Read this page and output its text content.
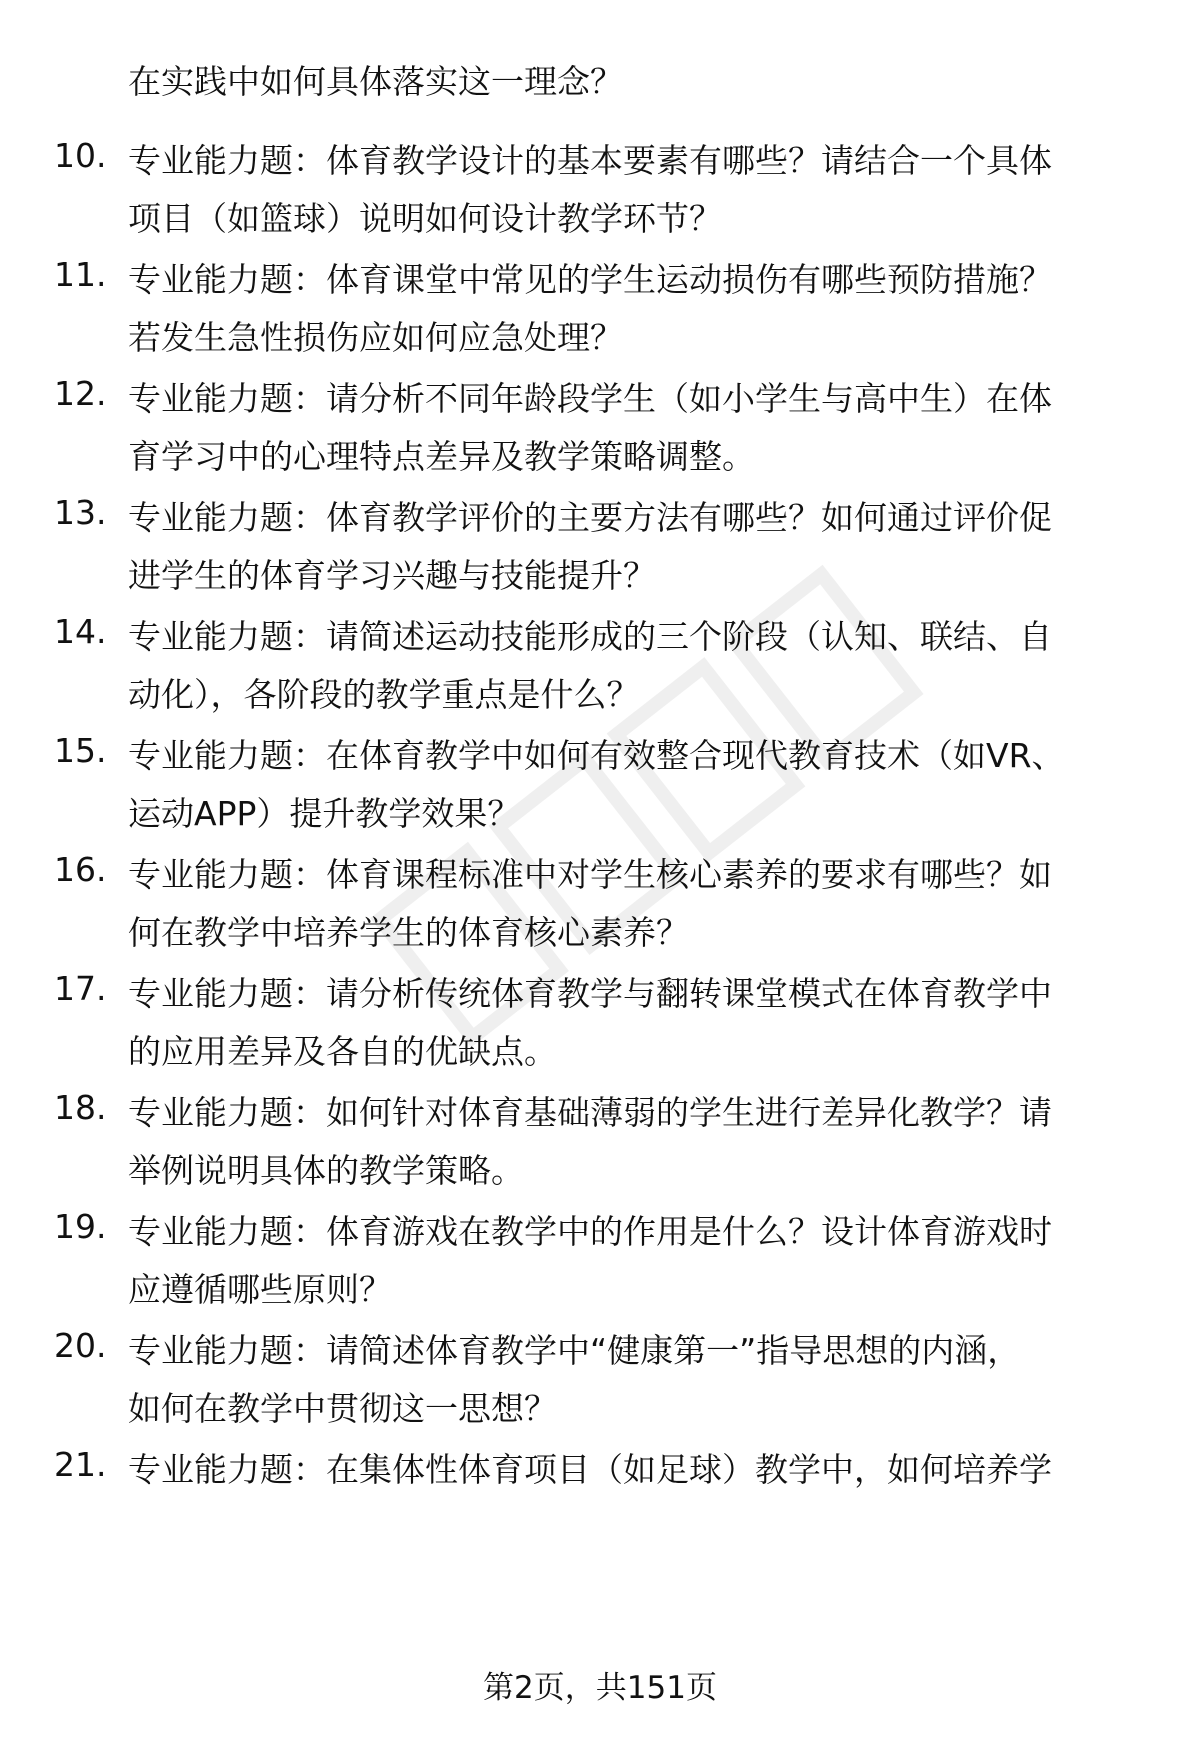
在实践中如何具体落实这一理念？
10. 专业能力题：体育教学设计的基本要素有哪些？请结合一个具体
项目（如篮球）说明如何设计教学环节？
11. 专业能力题：体育课堂中常见的学生运动损伤有哪些预防措施？
若发生急性损伤应如何应急处理？
12. 专业能力题：请分析不同年龄段学生（如小学生与高中生）在体
育学习中的心理特点差异及教学策略调整。
13. 专业能力题：体育教学评价的主要方法有哪些？如何通过评价促
进学生的体育学习兴趣与技能提升？
14. 专业能力题：请简述运动技能形成的三个阶段（认知、联结、自
动化），各阶段的教学重点是什么？
15. 专业能力题：在体育教学中如何有效整合现代教育技术（如VR、
运动APP）提升教学效果？
16. 专业能力题：体育课程标准中对学生核心素养的要求有哪些？如
何在教学中培养学生的体育核心素养？
17. 专业能力题：请分析传统体育教学与翻转课堂模式在体育教学中
的应用差异及各自的优缺点。
18. 专业能力题：如何针对体育基础薄弱的学生进行差异化教学？请
举例说明具体的教学策略。
19. 专业能力题：体育游戏在教学中的作用是什么？设计体育游戏时
应遵循哪些原则？
20. 专业能力题：请简述体育教学中“健康第一”指导思想的内涵，
如何在教学中贯彻这一思想？
21. 专业能力题：在集体性体育项目（如足球）教学中，如何培养学
第2页，共151页
